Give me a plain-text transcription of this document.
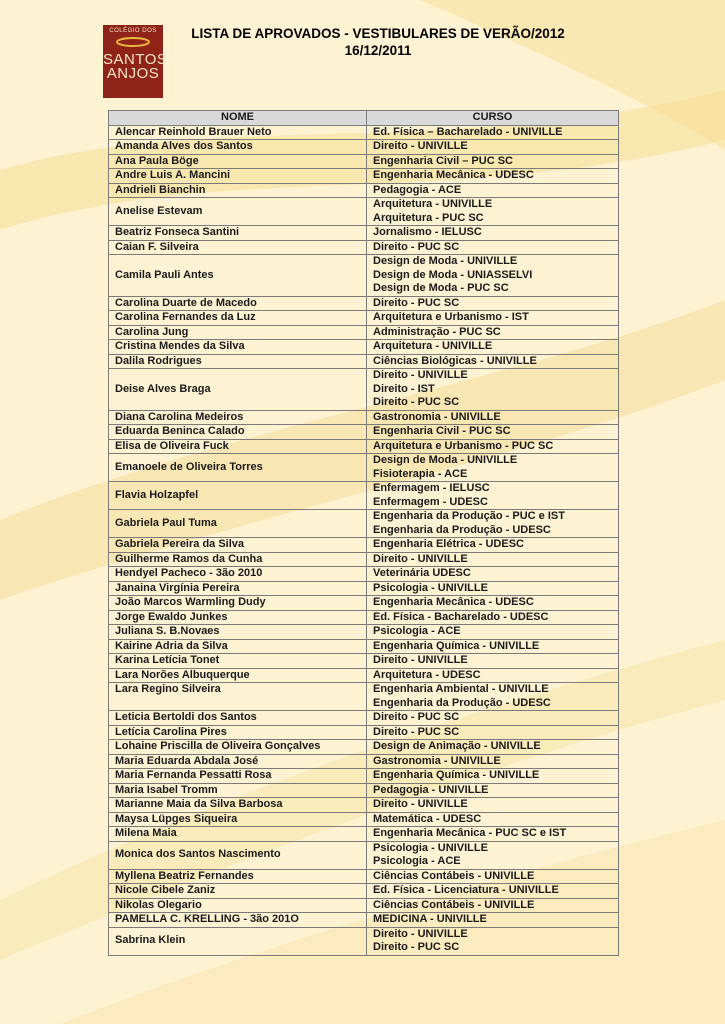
COLÉGIO DOS
SANTOS
ANJOS
LISTA DE APROVADOS - VESTIBULARES DE VERÃO/2012
16/12/2011
NOME	CURSO
Alencar Reinhold Brauer Neto	Ed. Física – Bacharelado - UNIVILLE

Amanda Alves dos Santos	Direito - UNIVILLE

Ana Paula Böge	Engenharia Civil – PUC SC

Andre Luis A. Mancini	Engenharia Mecânica - UDESC

Andrieli Bianchin	Pedagogia - ACE

Anelise Estevam	Arquitetura - UNIVILLE
Arquitetura - PUC SC

Beatriz Fonseca Santini	Jornalismo - IELUSC

Caian F. Silveira	Direito - PUC SC

Camila Pauli Antes	Design de Moda - UNIVILLE
Design de Moda - UNIASSELVI
Design de Moda - PUC SC

Carolina Duarte de Macedo	Direito - PUC SC

Carolina Fernandes da Luz	Arquitetura e Urbanismo - IST

Carolina Jung	Administração - PUC SC

Cristina Mendes da Silva	Arquitetura - UNIVILLE

Dalila Rodrigues	Ciências Biológicas - UNIVILLE

Deise Alves Braga	Direito - UNIVILLE
Direito - IST
Direito - PUC SC

Diana Carolina Medeiros	Gastronomia - UNIVILLE

Eduarda Beninca Calado	Engenharia Civil - PUC SC

Elisa de Oliveira Fuck	Arquitetura e Urbanismo - PUC SC

Emanoele de Oliveira Torres	Design de Moda - UNIVILLE
Fisioterapia - ACE

Flavia Holzapfel	Enfermagem - IELUSC
Enfermagem - UDESC

Gabriela Paul Tuma	Engenharia da Produção - PUC e IST
Engenharia da Produção - UDESC

Gabriela Pereira da Silva	Engenharia Elétrica - UDESC

Guilherme Ramos da Cunha	Direito - UNIVILLE

Hendyel Pacheco - 3ão 2010	Veterinária UDESC

Janaina Virgínia Pereira	Psicologia - UNIVILLE

João Marcos Warmling Dudy	Engenharia Mecânica - UDESC

Jorge Ewaldo Junkes	Ed. Física - Bacharelado - UDESC

Juliana S. B.Novaes	Psicologia - ACE

Kairine Adria da Silva	Engenharia Química - UNIVILLE

Karina Letícia Tonet	Direito - UNIVILLE

Lara Norões Albuquerque	Arquitetura - UDESC

Lara Regino Silveira	Engenharia Ambiental - UNIVILLE
Engenharia da Produção - UDESC

Leticia Bertoldi dos Santos	Direito - PUC SC

Letícia Carolina Pires	Direito - PUC SC

Lohaine Priscilla de Oliveira Gonçalves	Design de Animação - UNIVILLE

Maria Eduarda Abdala José	Gastronomia - UNIVILLE

Maria Fernanda Pessatti Rosa	Engenharia Química - UNIVILLE

Maria Isabel Tromm	Pedagogia - UNIVILLE

Marianne Maia da Silva Barbosa	Direito - UNIVILLE

Maysa Lüpges Siqueira	Matemática - UDESC

Milena Maia	Engenharia Mecânica - PUC SC e IST

Monica dos Santos Nascimento	Psicologia - UNIVILLE
Psicologia - ACE

Myllena Beatriz Fernandes	Ciências Contábeis - UNIVILLE

Nicole Cibele Zaniz	Ed. Física - Licenciatura - UNIVILLE

Nikolas Olegario	Ciências Contábeis - UNIVILLE

PAMELLA C. KRELLING - 3ão 201O	MEDICINA - UNIVILLE

Sabrina Klein	Direito - UNIVILLE
Direito - PUC SC
